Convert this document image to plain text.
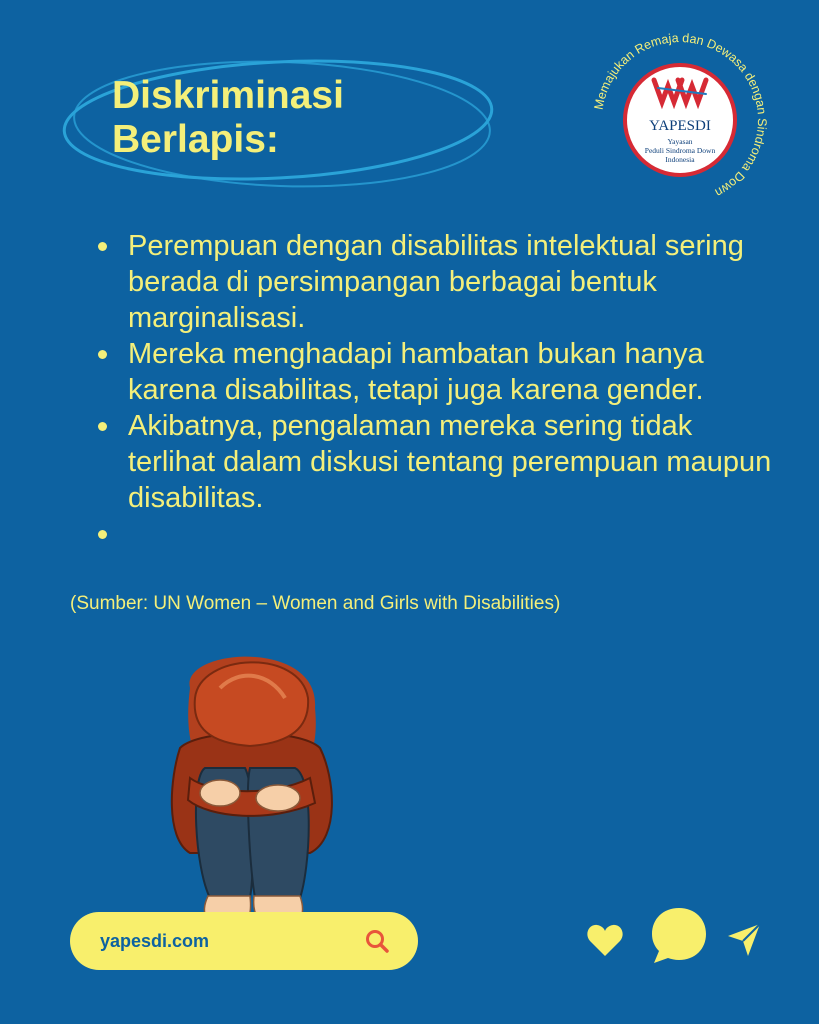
Diskriminasi
Berlapis:
Memajukan Remaja dan Dewasa dengan Sindroma Down
YAPESDI
Yayasan
Peduli Sindroma Down
Indonesia
Perempuan dengan disabilitas intelektual sering berada di persimpangan berbagai bentuk marginalisasi.
Mereka menghadapi hambatan bukan hanya karena disabilitas, tetapi juga karena gender.
Akibatnya, pengalaman mereka sering tidak terlihat dalam diskusi tentang perempuan maupun disabilitas.
(Sumber: UN Women – Women and Girls with Disabilities)
yapesdi.com
